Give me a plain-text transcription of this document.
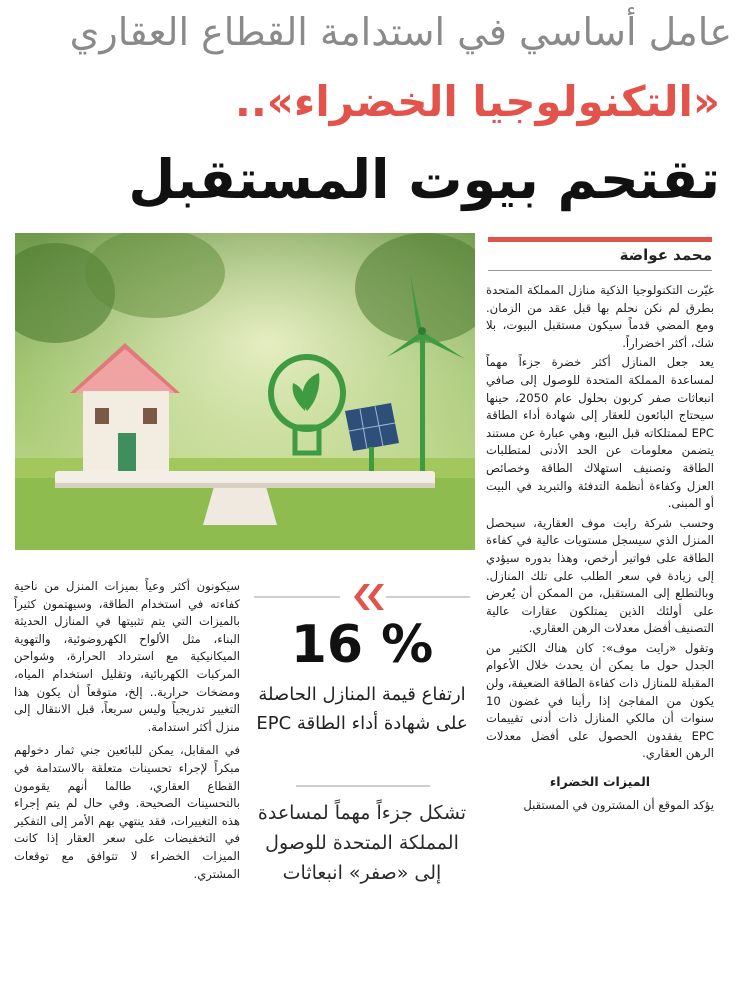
عامل أساسي في استدامة القطاع العقاري
«التكنولوجيا الخضراء»..
تقتحم بيوت المستقبل
محمد عواضة

غيّرت التكنولوجيا الذكية منازل المملكة المتحدة بطرق لم نكن نحلم بها قبل عقد من الزمان. ومع المضي قدماً سيكون مستقبل البيوت، بلا شك، أكثر اخضراراً.

يعد جعل المنازل أكثر خضرة جزءاً مهماً لمساعدة المملكة المتحدة للوصول إلى صافي انبعاثات صفر كربون بحلول عام 2050، حينها سيحتاج البائعون للعقار إلى شهادة أداء الطاقة EPC لممتلكاته قبل البيع، وهي عبارة عن مستند يتضمن معلومات عن الحد الأدنى لمتطلبات الطاقة وتصنيف استهلاك الطاقة وخصائص العزل وكفاءة أنظمة التدفئة والتبريد في البيت أو المبنى.

وحسب شركة رايت موف العقارية، سيحصل المنزل الذي سيسجل مستويات عالية في كفاءة الطاقة على فواتير أرخص، وهذا بدوره سيؤدي إلى زيادة في سعر الطلب على تلك المنازل. وبالتطلع إلى المستقبل، من الممكن أن يُعرض على أولئك الذين يمتلكون عقارات عالية التصنيف أفضل معدلات الرهن العقاري.

وتقول «رايت موف»: كان هناك الكثير من الجدل حول ما يمكن أن يحدث خلال الأعوام المقبلة للمنازل ذات كفاءة الطاقة الضعيفة، ولن يكون من المفاجئ إذا رأينا في غضون 10 سنوات أن مالكي المنازل ذات أدنى تقييمات EPC يفقدون الحصول على أفضل معدلات الرهن العقاري.

الميزات الخضراء

يؤكد الموقع أن المشترون في المستقبل

16 %
ارتفاع قيمة المنازل الحاصلة على شهادة أداء الطاقة EPC
تشكل جزءاً مهماً لمساعدة المملكة المتحدة للوصول إلى «صفر» انبعاثات

سيكونون أكثر وعياً بميزات المنزل من ناحية كفاءته في استخدام الطاقة، وسيهتمون كثيراً بالميزات التي يتم تثبيتها في المنازل الحديثة البناء، مثل الألواح الكهروضوئية، والتهوية الميكانيكية مع استرداد الحرارة، وشواحن المركبات الكهربائية، وتقليل استخدام المياه، ومضخات حرارية.. إلخ، متوقعاً أن يكون هذا التغيير تدريجياً وليس سريعاً، قبل الانتقال إلى منزل أكثر استدامة.

في المقابل، يمكن للبائعين جني ثمار دخولهم مبكراً لإجراء تحسينات متعلقة بالاستدامة في القطاع العقاري، طالما أنهم يقومون بالتحسينات الصحيحة. وفي حال لم يتم إجراء هذه التغييرات، فقد ينتهي بهم الأمر إلى التفكير في التخفيضات على سعر العقار إذا كانت الميزات الخضراء لا تتوافق مع توقعات المشتري.
